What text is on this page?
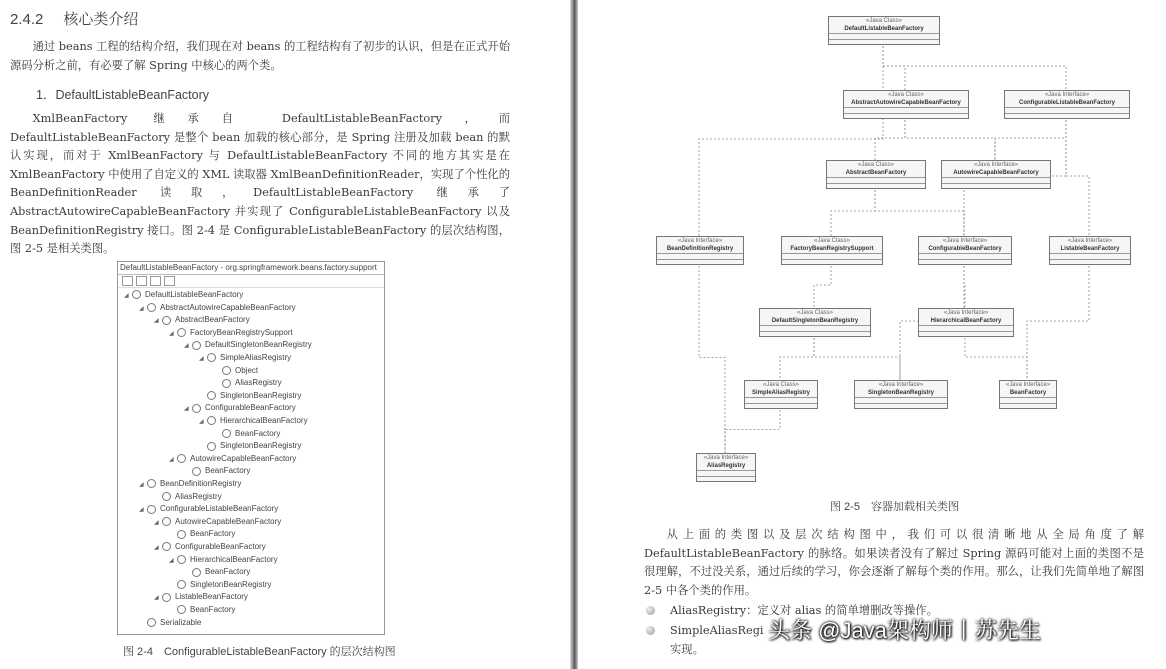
2.4.2 核心类介绍
通过 beans 工程的结构介绍，我们现在对 beans 的工程结构有了初步的认识，但是在正式开始源码分析之前，有必要了解 Spring 中核心的两个类。
1．DefaultListableBeanFactory
XmlBeanFactory 继承自 DefaultListableBeanFactory，而 DefaultListableBeanFactory 是整个 bean 加载的核心部分，是 Spring 注册及加载 bean 的默认实现，而对于 XmlBeanFactory 与 DefaultListableBeanFactory 不同的地方其实是在 XmlBeanFactory 中使用了自定义的 XML 读取器 XmlBeanDefinitionReader，实现了个性化的 BeanDefinitionReader 读取，DefaultListableBeanFactory 继承了 AbstractAutowireCapableBeanFactory 并实现了 ConfigurableListableBeanFactory 以及 BeanDefinitionRegistry 接口。图 2-4 是 ConfigurableListableBeanFactory 的层次结构图，图 2-5 是相关类图。
DefaultListableBeanFactory - org.springframework.beans.factory.support
◢ DefaultListableBeanFactory
◢ AbstractAutowireCapableBeanFactory
◢ AbstractBeanFactory
◢ FactoryBeanRegistrySupport
◢ DefaultSingletonBeanRegistry
◢ SimpleAliasRegistry
Object
AliasRegistry
SingletonBeanRegistry
◢ ConfigurableBeanFactory
◢ HierarchicalBeanFactory
BeanFactory
SingletonBeanRegistry
◢ AutowireCapableBeanFactory
BeanFactory
◢ BeanDefinitionRegistry
AliasRegistry
◢ ConfigurableListableBeanFactory
◢ AutowireCapableBeanFactory
BeanFactory
◢ ConfigurableBeanFactory
◢ HierarchicalBeanFactory
BeanFactory
SingletonBeanRegistry
◢ ListableBeanFactory
BeanFactory
Serializable
图 2-4　ConfigurableListableBeanFactory 的层次结构图
«Java Class»
DefaultListableBeanFactory
«Java Class»
AbstractAutowireCapableBeanFactory
«Java Interface»
ConfigurableListableBeanFactory
«Java Class»
AbstractBeanFactory
«Java Interface»
AutowireCapableBeanFactory
«Java Interface»
BeanDefinitionRegistry
«Java Class»
FactoryBeanRegistrySupport
«Java Interface»
ConfigurableBeanFactory
«Java Interface»
ListableBeanFactory
«Java Class»
DefaultSingletonBeanRegistry
«Java Interface»
HierarchicalBeanFactory
«Java Class»
SimpleAliasRegistry
«Java Interface»
SingletonBeanRegistry
«Java Interface»
BeanFactory
«Java Interface»
AliasRegistry
图 2-5　容器加载相关类图
从上面的类图以及层次结构图中，我们可以很清晰地从全局角度了解 DefaultListableBeanFactory 的脉络。如果读者没有了解过 Spring 源码可能对上面的类图不是很理解，不过没关系，通过后续的学习，你会逐渐了解每个类的作用。那么，让我们先简单地了解图 2-5 中各个类的作用。
AliasRegistry：定义对 alias 的简单增删改等操作。
SimpleAliasRegi
实现。
头条 @Java架构师丨苏先生
